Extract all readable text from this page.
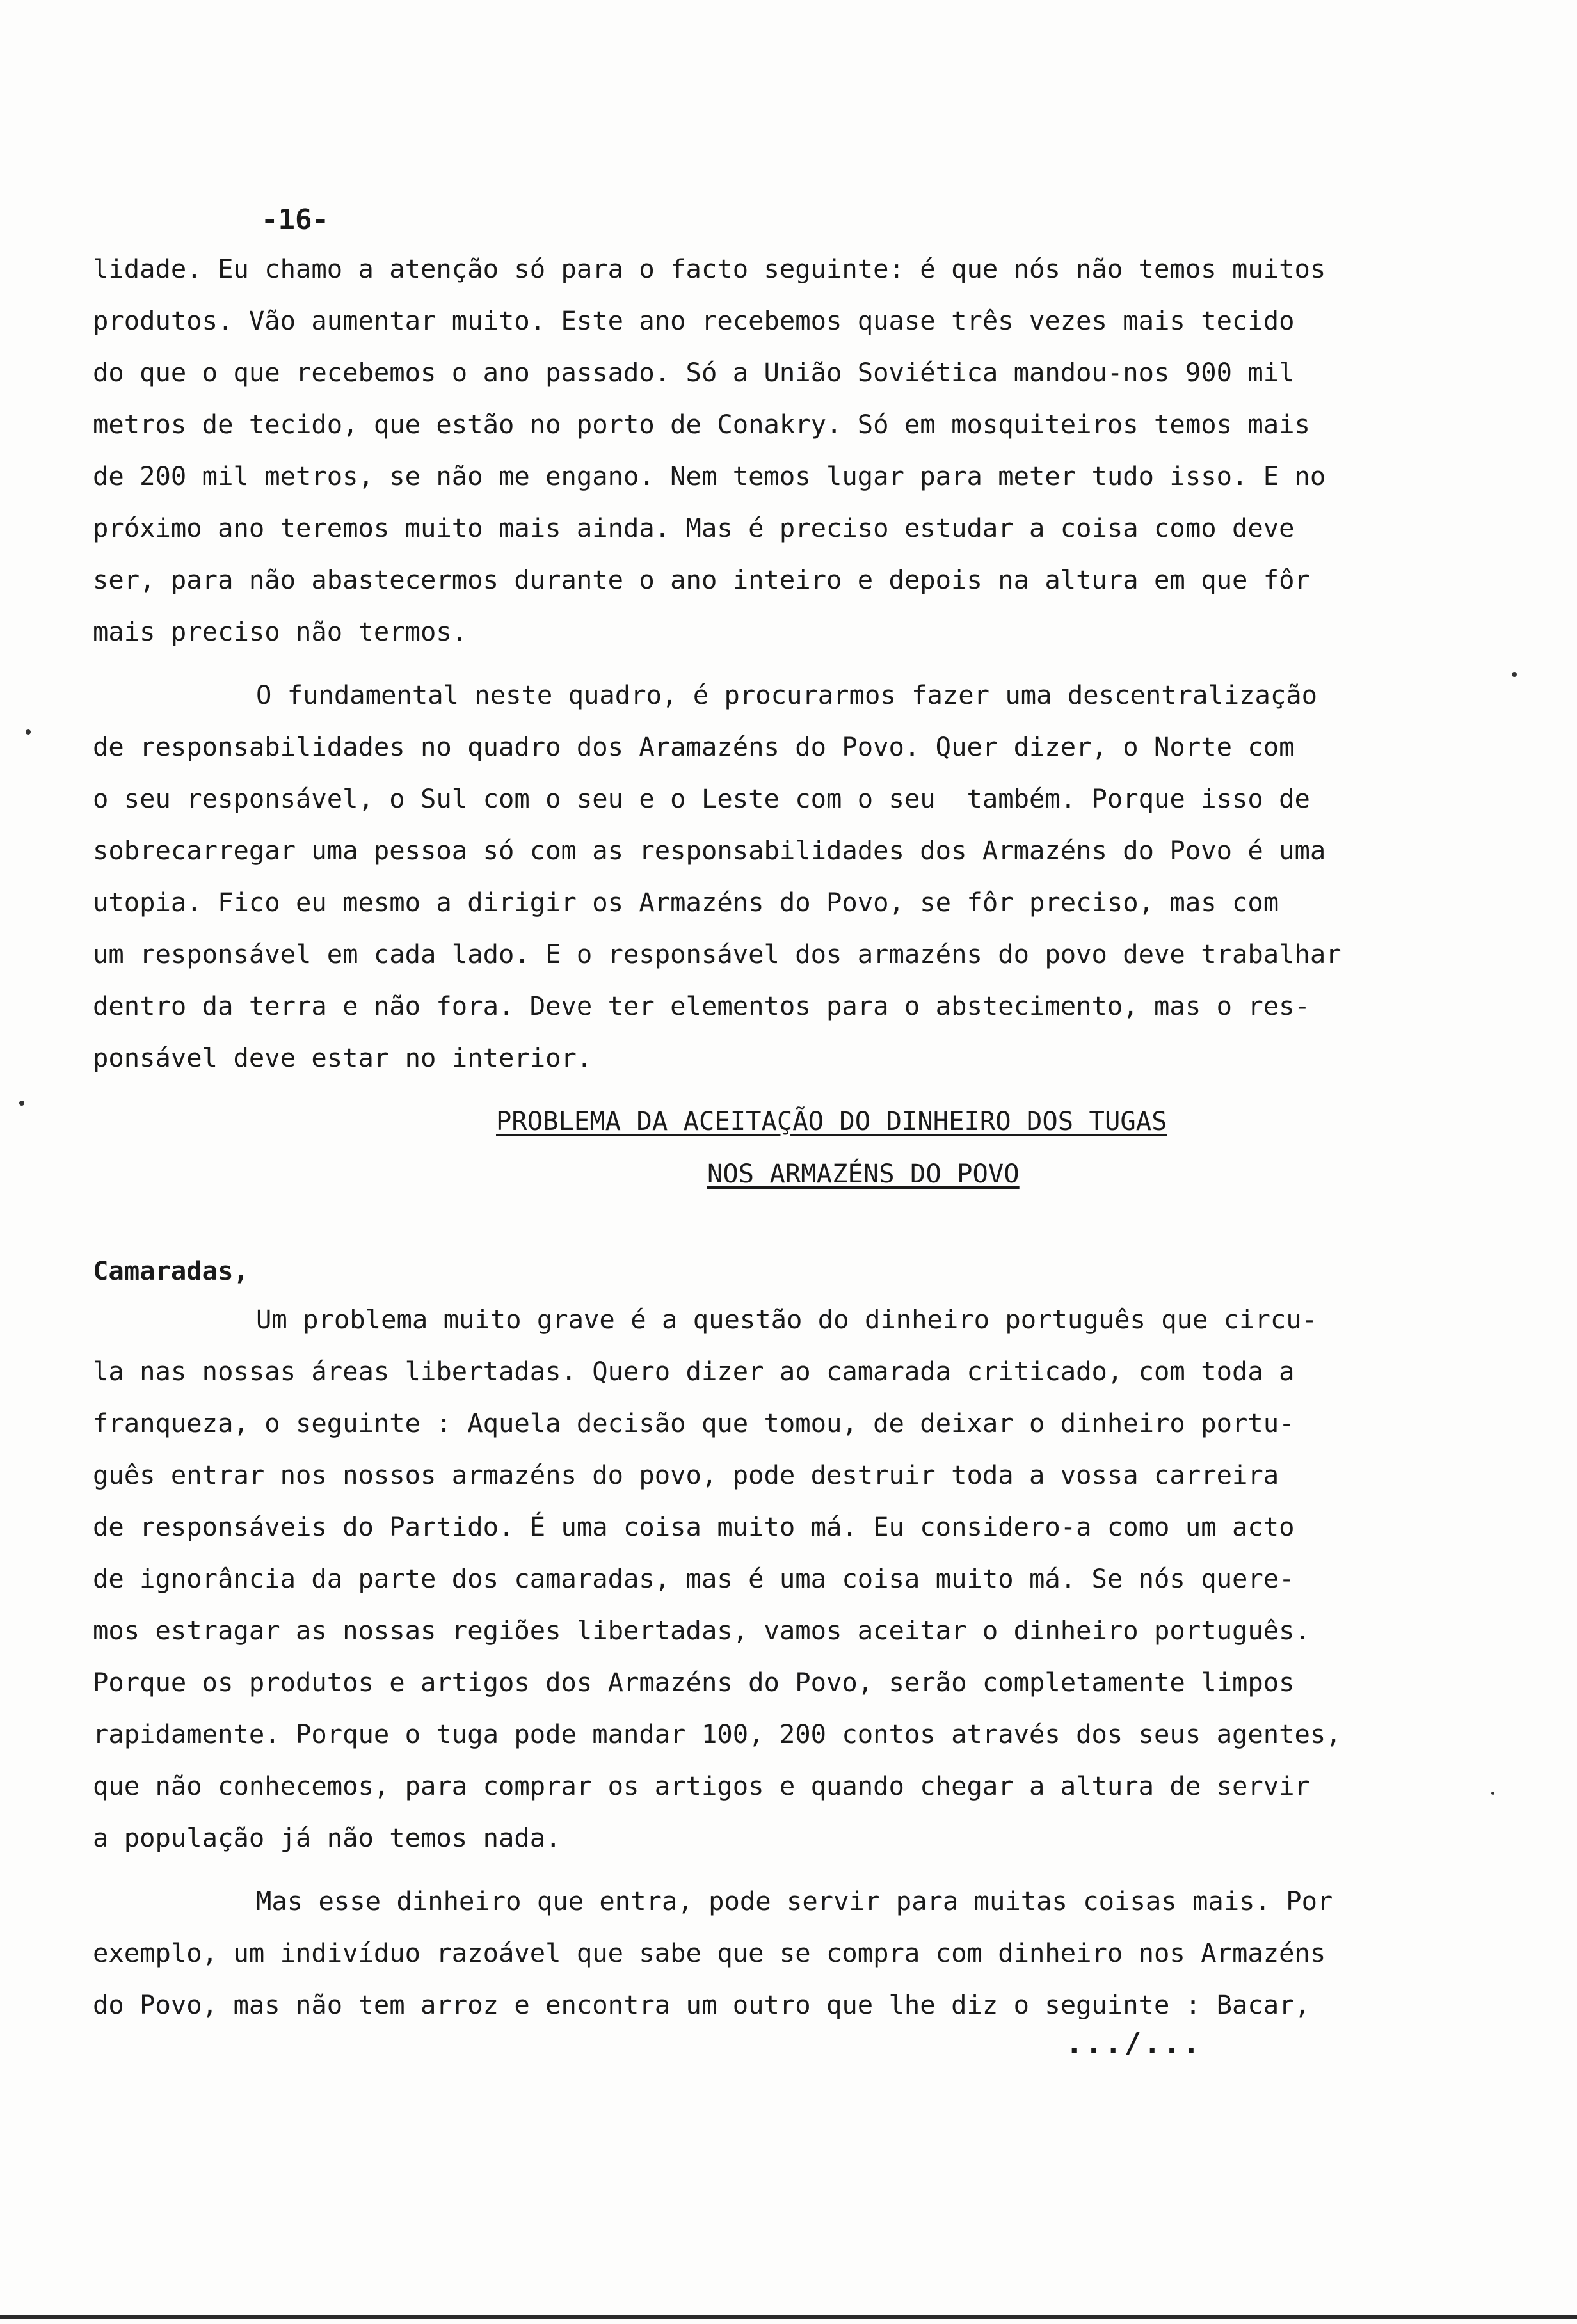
-16-
lidade. Eu chamo a atenção só para o facto seguinte: é que nós não temos muitos
produtos. Vão aumentar muito. Este ano recebemos quase três vezes mais tecido
do que o que recebemos o ano passado. Só a União Soviética mandou-nos 900 mil
metros de tecido, que estão no porto de Conakry. Só em mosquiteiros temos mais
de 200 mil metros, se não me engano. Nem temos lugar para meter tudo isso. E no
próximo ano teremos muito mais ainda. Mas é preciso estudar a coisa como deve
ser, para não abastecermos durante o ano inteiro e depois na altura em que fôr
mais preciso não termos.
O fundamental neste quadro, é procurarmos fazer uma descentralização
de responsabilidades no quadro dos Aramazéns do Povo. Quer dizer, o Norte com
o seu responsável, o Sul com o seu e o Leste com o seu  também. Porque isso de
sobrecarregar uma pessoa só com as responsabilidades dos Armazéns do Povo é uma
utopia. Fico eu mesmo a dirigir os Armazéns do Povo, se fôr preciso, mas com
um responsável em cada lado. E o responsável dos armazéns do povo deve trabalhar
dentro da terra e não fora. Deve ter elementos para o abstecimento, mas o res-
ponsável deve estar no interior.
PROBLEMA DA ACEITAÇÃO DO DINHEIRO DOS TUGAS
NOS ARMAZÉNS DO POVO
Camaradas,
Um problema muito grave é a questão do dinheiro português que circu-
la nas nossas áreas libertadas. Quero dizer ao camarada criticado, com toda a
franqueza, o seguinte : Aquela decisão que tomou, de deixar o dinheiro portu-
guês entrar nos nossos armazéns do povo, pode destruir toda a vossa carreira
de responsáveis do Partido. É uma coisa muito má. Eu considero-a como um acto
de ignorância da parte dos camaradas, mas é uma coisa muito má. Se nós quere-
mos estragar as nossas regiões libertadas, vamos aceitar o dinheiro português.
Porque os produtos e artigos dos Armazéns do Povo, serão completamente limpos
rapidamente. Porque o tuga pode mandar 100, 200 contos através dos seus agentes,
que não conhecemos, para comprar os artigos e quando chegar a altura de servir
a população já não temos nada.
Mas esse dinheiro que entra, pode servir para muitas coisas mais. Por
exemplo, um indivíduo razoável que sabe que se compra com dinheiro nos Armazéns
do Povo, mas não tem arroz e encontra um outro que lhe diz o seguinte : Bacar,
.../...
